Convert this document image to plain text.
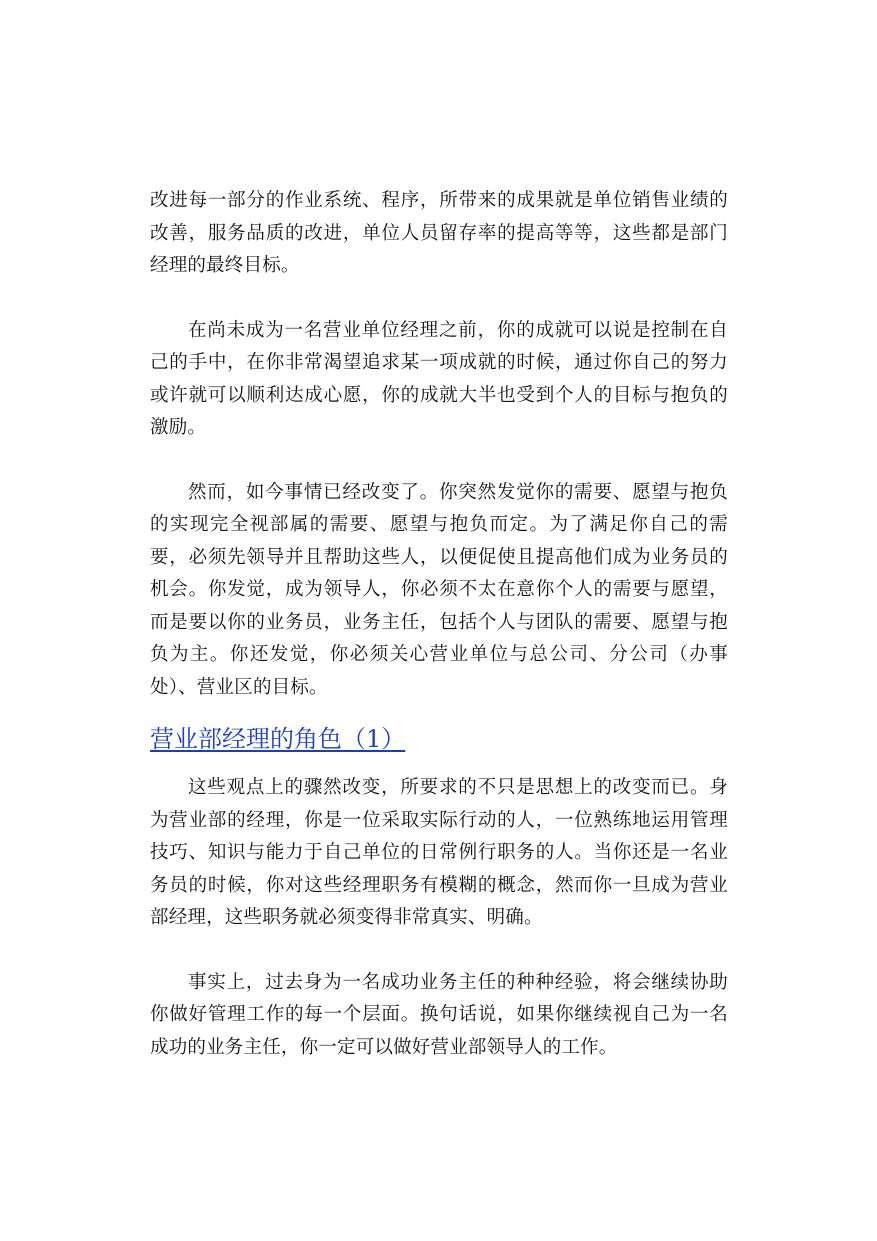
改进每一部分的作业系统、程序，所带来的成果就是单位销售业绩的改善，服务品质的改进，单位人员留存率的提高等等，这些都是部门经理的最终目标。

在尚未成为一名营业单位经理之前，你的成就可以说是控制在自己的手中，在你非常渴望追求某一项成就的时候，通过你自己的努力或许就可以顺利达成心愿，你的成就大半也受到个人的目标与抱负的激励。

然而，如今事情已经改变了。你突然发觉你的需要、愿望与抱负的实现完全视部属的需要、愿望与抱负而定。为了满足你自己的需要，必须先领导并且帮助这些人，以便促使且提高他们成为业务员的机会。你发觉，成为领导人，你必须不太在意你个人的需要与愿望，而是要以你的业务员，业务主任，包括个人与团队的需要、愿望与抱负为主。你还发觉，你必须关心营业单位与总公司、分公司（办事处）、营业区的目标。

营业部经理的角色（1）

这些观点上的骤然改变，所要求的不只是思想上的改变而已。身为营业部的经理，你是一位采取实际行动的人，一位熟练地运用管理技巧、知识与能力于自己单位的日常例行职务的人。当你还是一名业务员的时候，你对这些经理职务有模糊的概念，然而你一旦成为营业部经理，这些职务就必须变得非常真实、明确。

事实上，过去身为一名成功业务主任的种种经验，将会继续协助你做好管理工作的每一个层面。换句话说，如果你继续视自己为一名成功的业务主任，你一定可以做好营业部领导人的工作。
